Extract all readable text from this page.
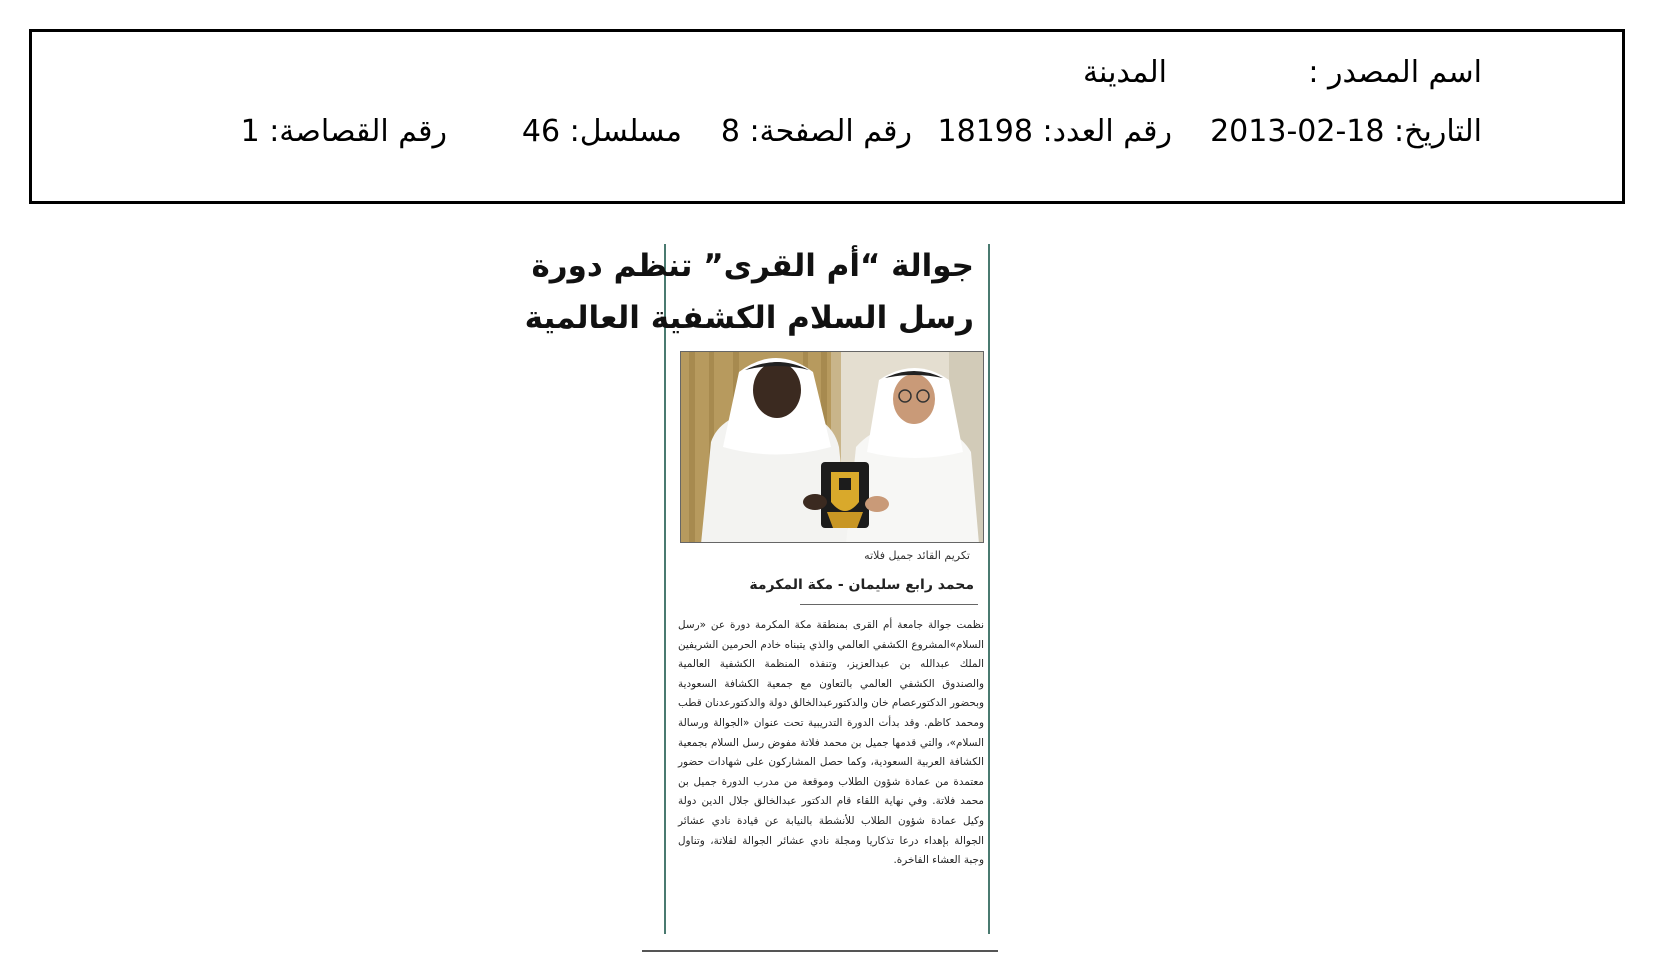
اسم المصدر :
المدينة
التاريخ: 18-02-2013
رقم العدد: 18198
رقم الصفحة: 8
مسلسل: 46
رقم القصاصة: 1
جوالة “أم القرى” تنظم دورة
رسل السلام الكشفية العالمية
تكريم القائد جميل فلاته
محمد رابع سليمان - مكة المكرمة
نظمت جوالة جامعة أم القرى بمنطقة مكة المكرمة دورة عن «رسل السلام»المشروع الكشفي العالمي والذي يتبناه خادم الحرمين الشريفين الملك عبدالله بن عبدالعزيز، وتنفذه المنظمة الكشفية العالمية والصندوق الكشفي العالمي بالتعاون مع جمعية الكشافة السعودية وبحضور الدكتورعصام خان والدكتورعبدالخالق دولة والدكتورعدنان قطب ومحمد كاظم. وقد بدأت الدورة التدريبية تحت عنوان «الجوالة ورسالة السلام»، والتي قدمها جميل بن محمد فلاتة مفوض رسل السلام بجمعية الكشافة العربية السعودية، وكما حصل المشاركون على شهادات حضور معتمدة من عمادة شؤون الطلاب وموقعة من مدرب الدورة جميل بن محمد فلاتة. وفي نهاية اللقاء قام الدكتور عبدالخالق جلال الدين دولة وكيل عمادة شؤون الطلاب للأنشطة بالنيابة عن قيادة نادي عشائر الجوالة بإهداء درعا تذكاريا ومجلة نادي عشائر الجوالة لفلاتة، وتناول وجبة العشاء الفاخرة.
